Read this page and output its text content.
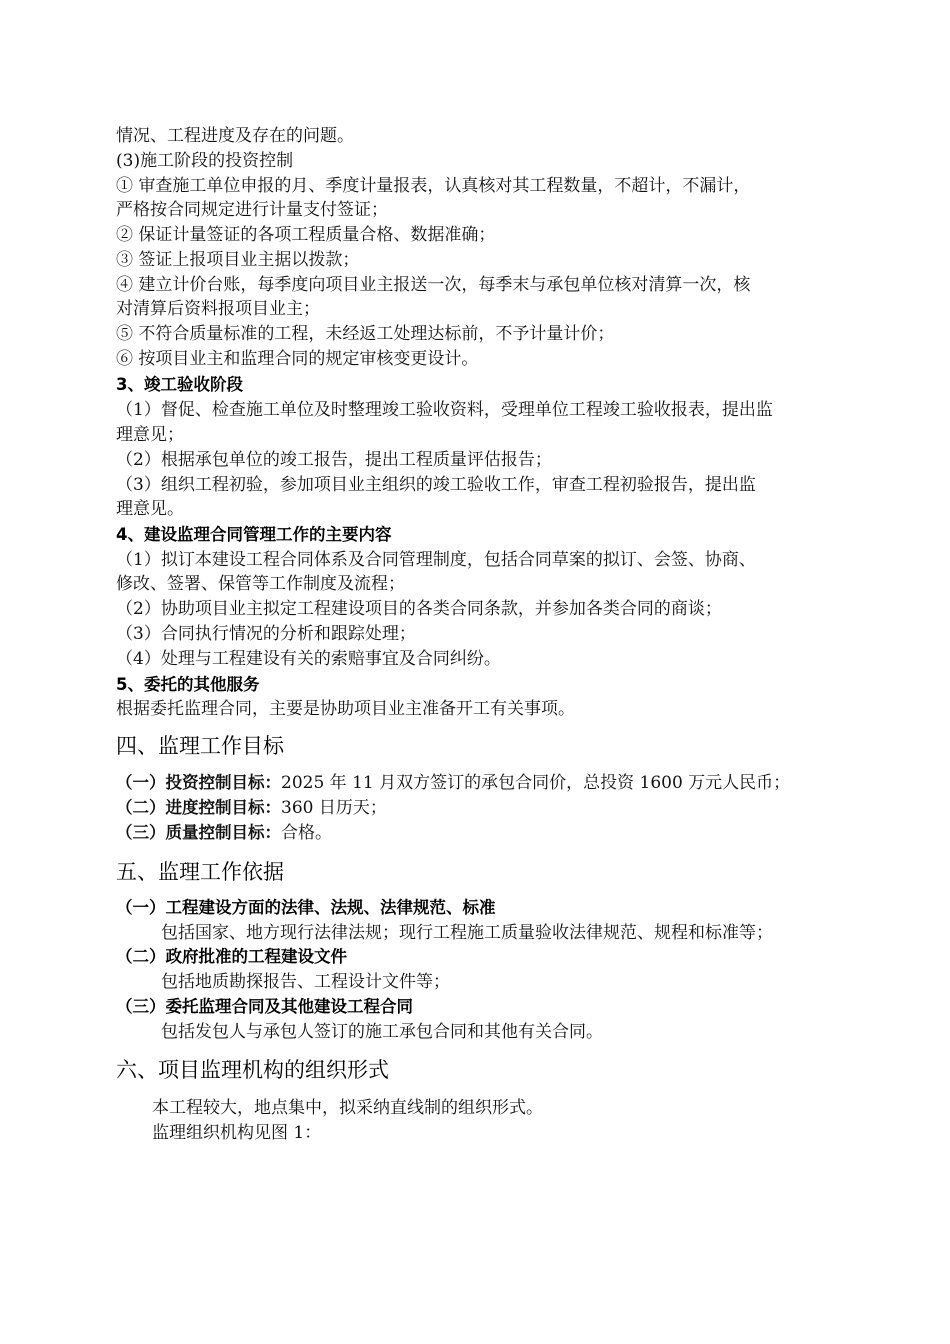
情况、工程进度及存在的问题。
(3)施工阶段的投资控制
① 审查施工单位申报的月、季度计量报表，认真核对其工程数量，不超计，不漏计，
严格按合同规定进行计量支付签证；
② 保证计量签证的各项工程质量合格、数据准确；
③ 签证上报项目业主据以拨款；
④ 建立计价台账，每季度向项目业主报送一次，每季末与承包单位核对清算一次，核
对清算后资料报项目业主；
⑤ 不符合质量标准的工程，未经返工处理达标前，不予计量计价；
⑥ 按项目业主和监理合同的规定审核变更设计。
3、竣工验收阶段
（1）督促、检查施工单位及时整理竣工验收资料，受理单位工程竣工验收报表，提出监
理意见；
（2）根据承包单位的竣工报告，提出工程质量评估报告；
（3）组织工程初验，参加项目业主组织的竣工验收工作，审查工程初验报告，提出监
理意见。
4、建设监理合同管理工作的主要内容
（1）拟订本建设工程合同体系及合同管理制度，包括合同草案的拟订、会签、协商、
修改、签署、保管等工作制度及流程；
（2）协助项目业主拟定工程建设项目的各类合同条款，并参加各类合同的商谈；
（3）合同执行情况的分析和跟踪处理；
（4）处理与工程建设有关的索赔事宜及合同纠纷。
5、委托的其他服务
根据委托监理合同，主要是协助项目业主准备开工有关事项。
四、监理工作目标
（一）投资控制目标：2025 年 11 月双方签订的承包合同价，总投资 1600 万元人民币；
（二）进度控制目标：360 日历天；
（三）质量控制目标：合格。
五、监理工作依据
（一）工程建设方面的法律、法规、法律规范、标准
包括国家、地方现行法律法规；现行工程施工质量验收法律规范、规程和标准等；
（二）政府批准的工程建设文件
包括地质勘探报告、工程设计文件等；
（三）委托监理合同及其他建设工程合同
包括发包人与承包人签订的施工承包合同和其他有关合同。
六、项目监理机构的组织形式
本工程较大，地点集中，拟采纳直线制的组织形式。
监理组织机构见图 1：
